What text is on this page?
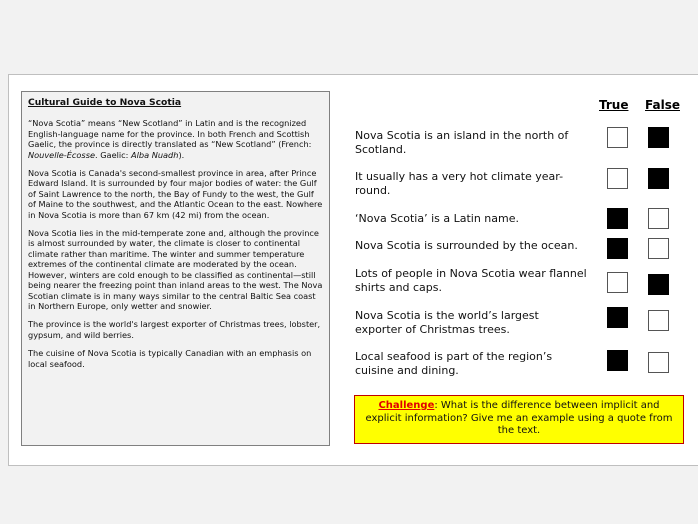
Cultural Guide to Nova Scotia

“Nova Scotia” means “New Scotland” in Latin and is the recognized English-language name for the province. In both French and Scottish Gaelic, the province is directly translated as “New Scotland” (French: Nouvelle-Écosse. Gaelic: Alba Nuadh).

Nova Scotia is Canada's second-smallest province in area, after Prince Edward Island. It is surrounded by four major bodies of water: the Gulf of Saint Lawrence to the north, the Bay of Fundy to the west, the Gulf of Maine to the southwest, and the Atlantic Ocean to the east. Nowhere in Nova Scotia is more than 67 km (42 mi) from the ocean.

Nova Scotia lies in the mid-temperate zone and, although the province is almost surrounded by water, the climate is closer to continental climate rather than maritime. The winter and summer temperature extremes of the continental climate are moderated by the ocean. However, winters are cold enough to be classified as continental—still being nearer the freezing point than inland areas to the west. The Nova Scotian climate is in many ways similar to the central Baltic Sea coast in Northern Europe, only wetter and snowier.

The province is the world's largest exporter of Christmas trees, lobster, gypsum, and wild berries.

The cuisine of Nova Scotia is typically Canadian with an emphasis on local seafood.

True False
Nova Scotia is an island in the north of Scotland.
It usually has a very hot climate year-round.
‘Nova Scotia’ is a Latin name.
Nova Scotia is surrounded by the ocean.
Lots of people in Nova Scotia wear flannel shirts and caps.
Nova Scotia is the world’s largest exporter of Christmas trees.
Local seafood is part of the region’s cuisine and dining.
Challenge: What is the difference between implicit and explicit information? Give me an example using a quote from the text.
